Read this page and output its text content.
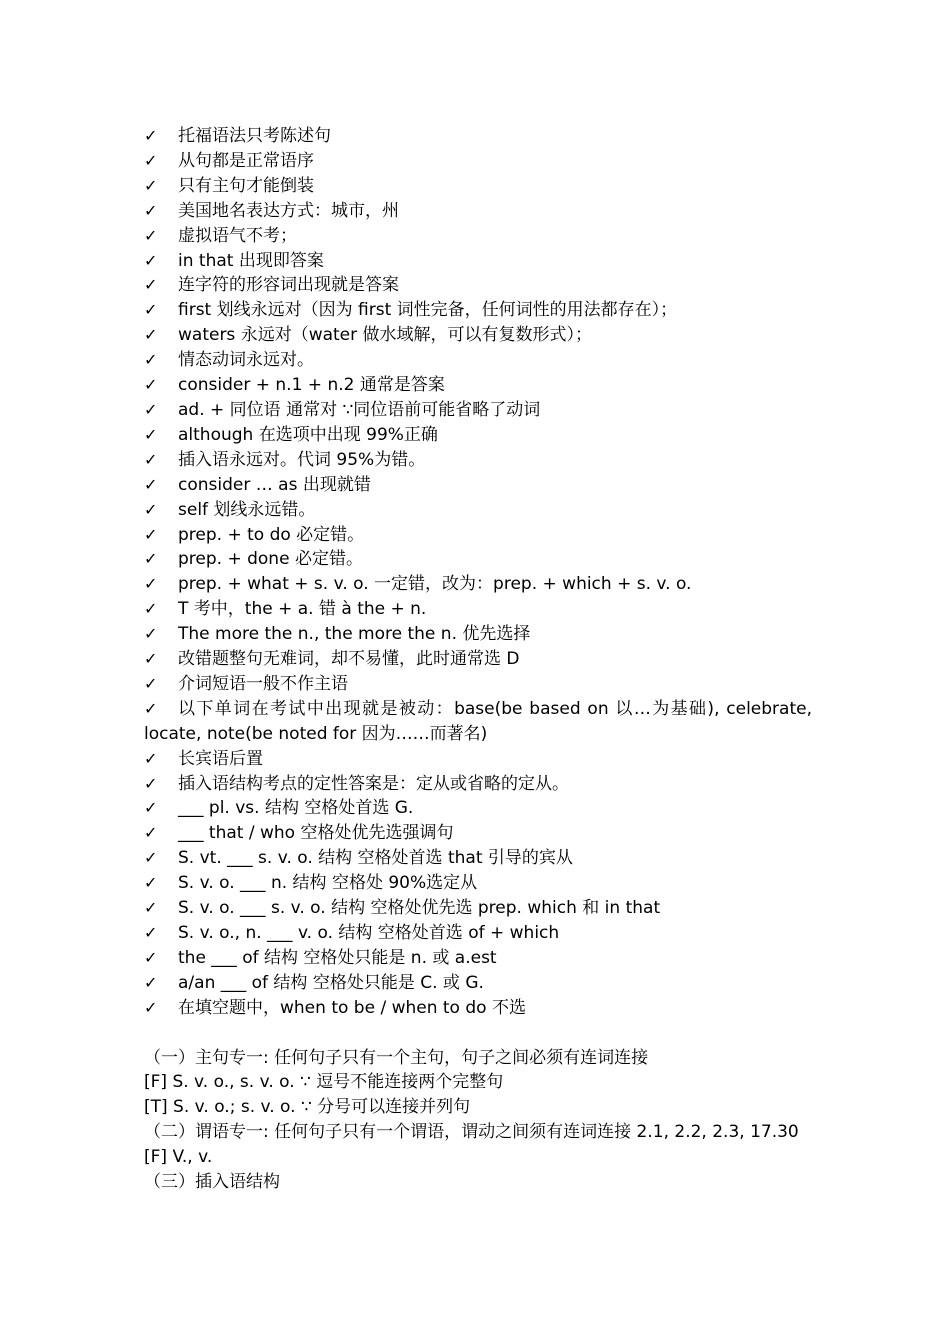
✓	托福语法只考陈述句
✓	从句都是正常语序
✓	只有主句才能倒装
✓	美国地名表达方式：城市，州
✓	虚拟语气不考；
✓	in that 出现即答案
✓	连字符的形容词出现就是答案
✓	first 划线永远对（因为 first 词性完备，任何词性的用法都存在）；
✓	waters 永远对（water 做水域解，可以有复数形式）；
✓	情态动词永远对。
✓	consider + n.1 + n.2 通常是答案
✓	ad. + 同位语 通常对 ∵同位语前可能省略了动词
✓	although 在选项中出现 99%正确
✓	插入语永远对。代词 95%为错。
✓	consider … as 出现就错
✓	self 划线永远错。
✓	prep. + to do 必定错。
✓	prep. + done 必定错。
✓	prep. + what + s. v. o. 一定错，改为：prep. + which + s. v. o.
✓	T 考中，the + a. 错 à the + n.
✓	The more the n., the more the n. 优先选择
✓	改错题整句无难词，却不易懂，此时通常选 D
✓	介词短语一般不作主语
✓	以下单词在考试中出现就是被动：base(be based on 以…为基础), celebrate, locate, note(be noted for 因为……而著名)
✓	长宾语后置
✓	插入语结构考点的定性答案是：定从或省略的定从。
✓	___ pl. vs. 结构 空格处首选 G.
✓	___ that / who 空格处优先选强调句
✓	S. vt. ___ s. v. o. 结构 空格处首选 that 引导的宾从
✓	S. v. o. ___ n. 结构 空格处 90%选定从
✓	S. v. o. ___ s. v. o. 结构 空格处优先选 prep. which 和 in that
✓	S. v. o., n. ___ v. o. 结构 空格处首选 of + which
✓	the ___ of 结构 空格处只能是 n. 或 a.est
✓	a/an ___ of 结构 空格处只能是 C. 或 G.
✓	在填空题中，when to be / when to do 不选

（一）主句专一: 任何句子只有一个主句，句子之间必须有连词连接

[F] S. v. o., s. v. o. ∵ 逗号不能连接两个完整句

[T] S. v. o.; s. v. o. ∵ 分号可以连接并列句

（二）谓语专一: 任何句子只有一个谓语，谓动之间须有连词连接 2.1, 2.2, 2.3, 17.30

[F] V., v.

（三）插入语结构
